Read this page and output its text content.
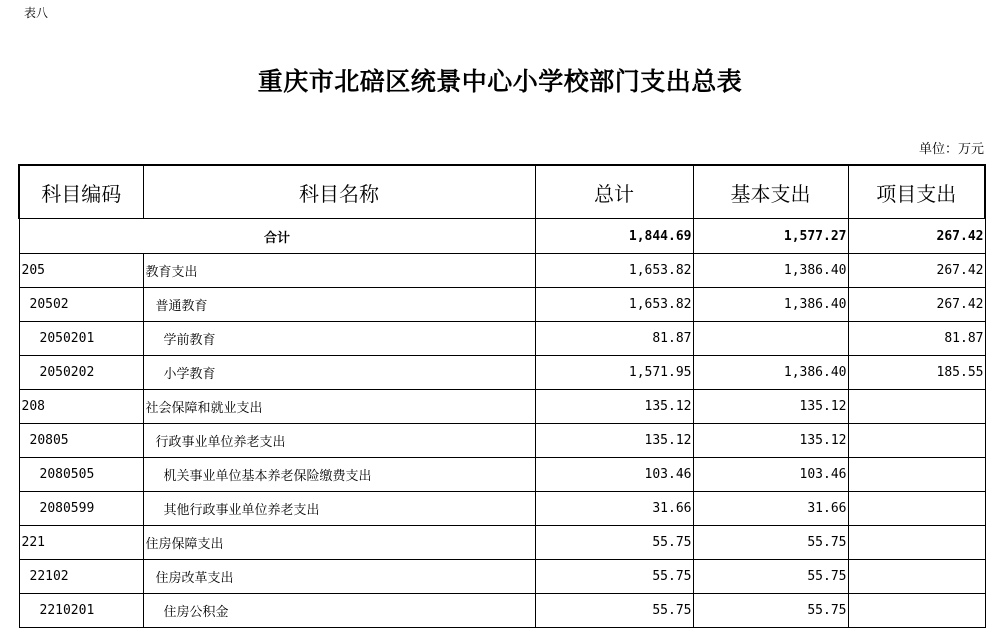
表八
重庆市北碚区统景中心小学校部门支出总表
单位：万元
科目编码	科目名称	总计	基本支出	项目支出
合计		1,844.69	1,577.27	267.42
205	教育支出	1,653.82	1,386.40	267.42
20502	普通教育	1,653.82	1,386.40	267.42
2050201	学前教育	81.87		81.87
2050202	小学教育	1,571.95	1,386.40	185.55
208	社会保障和就业支出	135.12	135.12	
20805	行政事业单位养老支出	135.12	135.12	
2080505	机关事业单位基本养老保险缴费支出	103.46	103.46	
2080599	其他行政事业单位养老支出	31.66	31.66	
221	住房保障支出	55.75	55.75	
22102	住房改革支出	55.75	55.75	
2210201	住房公积金	55.75	55.75	
